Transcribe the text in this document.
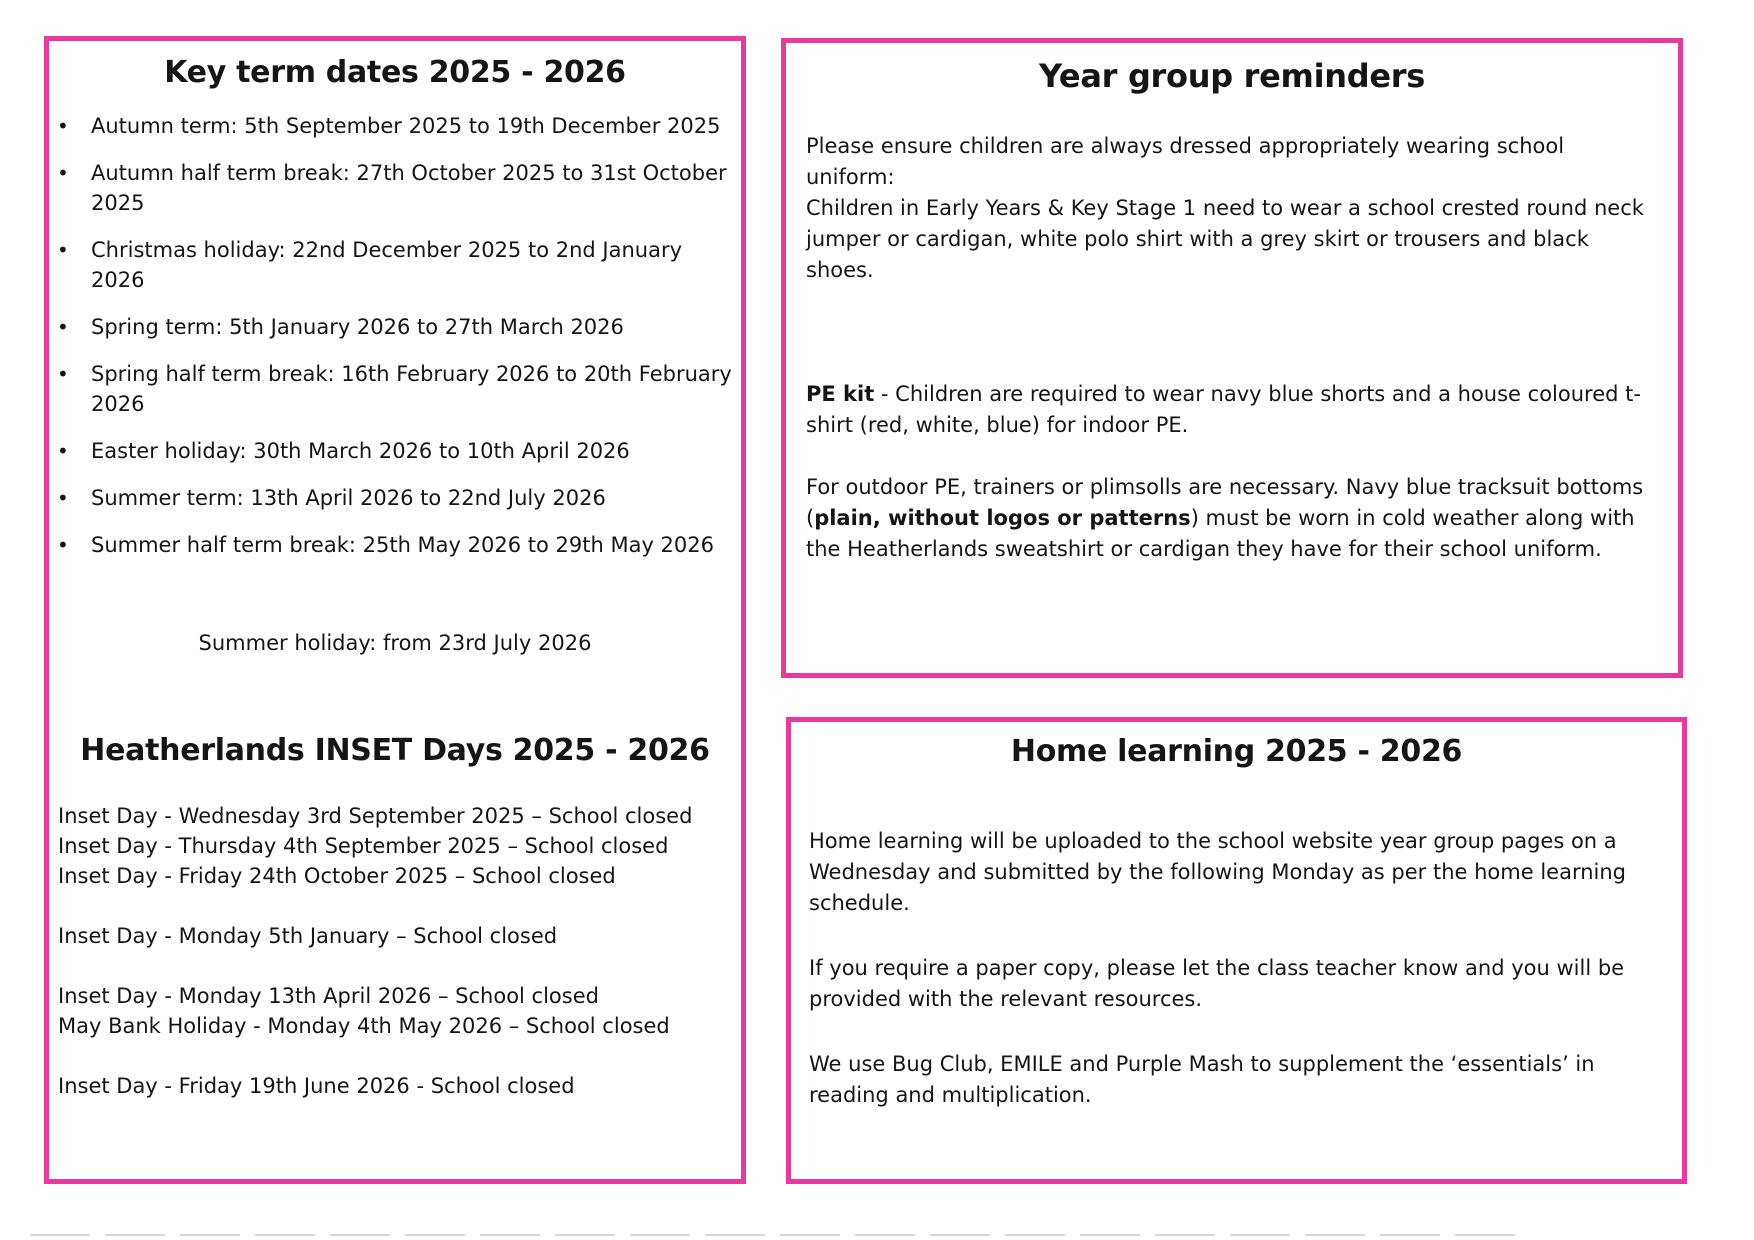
Key term dates 2025 - 2026
• Autumn term: 5th September 2025 to 19th December 2025
• Autumn half term break: 27th October 2025 to 31st October 2025
• Christmas holiday: 22nd December 2025 to 2nd January 2026
• Spring term: 5th January 2026 to 27th March 2026
• Spring half term break: 16th February 2026 to 20th February 2026
• Easter holiday: 30th March 2026 to 10th April 2026
• Summer term: 13th April 2026 to 22nd July 2026
• Summer half term break: 25th May 2026 to 29th May 2026
Summer holiday: from 23rd July 2026
Heatherlands INSET Days 2025 - 2026
Inset Day - Wednesday 3rd September 2025 – School closed
Inset Day - Thursday 4th September 2025 – School closed
Inset Day - Friday 24th October 2025 – School closed
Inset Day - Monday 5th January – School closed
Inset Day - Monday 13th April 2026 – School closed
May Bank Holiday - Monday 4th May 2026 – School closed
Inset Day - Friday 19th June 2026 - School closed
Year group reminders

Please ensure children are always dressed appropriately wearing school uniform:

Children in Early Years & Key Stage 1 need to wear a school crested round neck jumper or cardigan, white polo shirt with a grey skirt or trousers and black shoes.

PE kit - Children are required to wear navy blue shorts and a house coloured t-shirt (red, white, blue) for indoor PE.

For outdoor PE, trainers or plimsolls are necessary. Navy blue tracksuit bottoms (plain, without logos or patterns) must be worn in cold weather along with the Heatherlands sweatshirt or cardigan they have for their school uniform.

Home learning 2025 - 2026

Home learning will be uploaded to the school website year group pages on a Wednesday and submitted by the following Monday as per the home learning schedule.

If you require a paper copy, please let the class teacher know and you will be provided with the relevant resources.

We use Bug Club, EMILE and Purple Mash to supplement the ‘essentials’ in reading and multiplication.
